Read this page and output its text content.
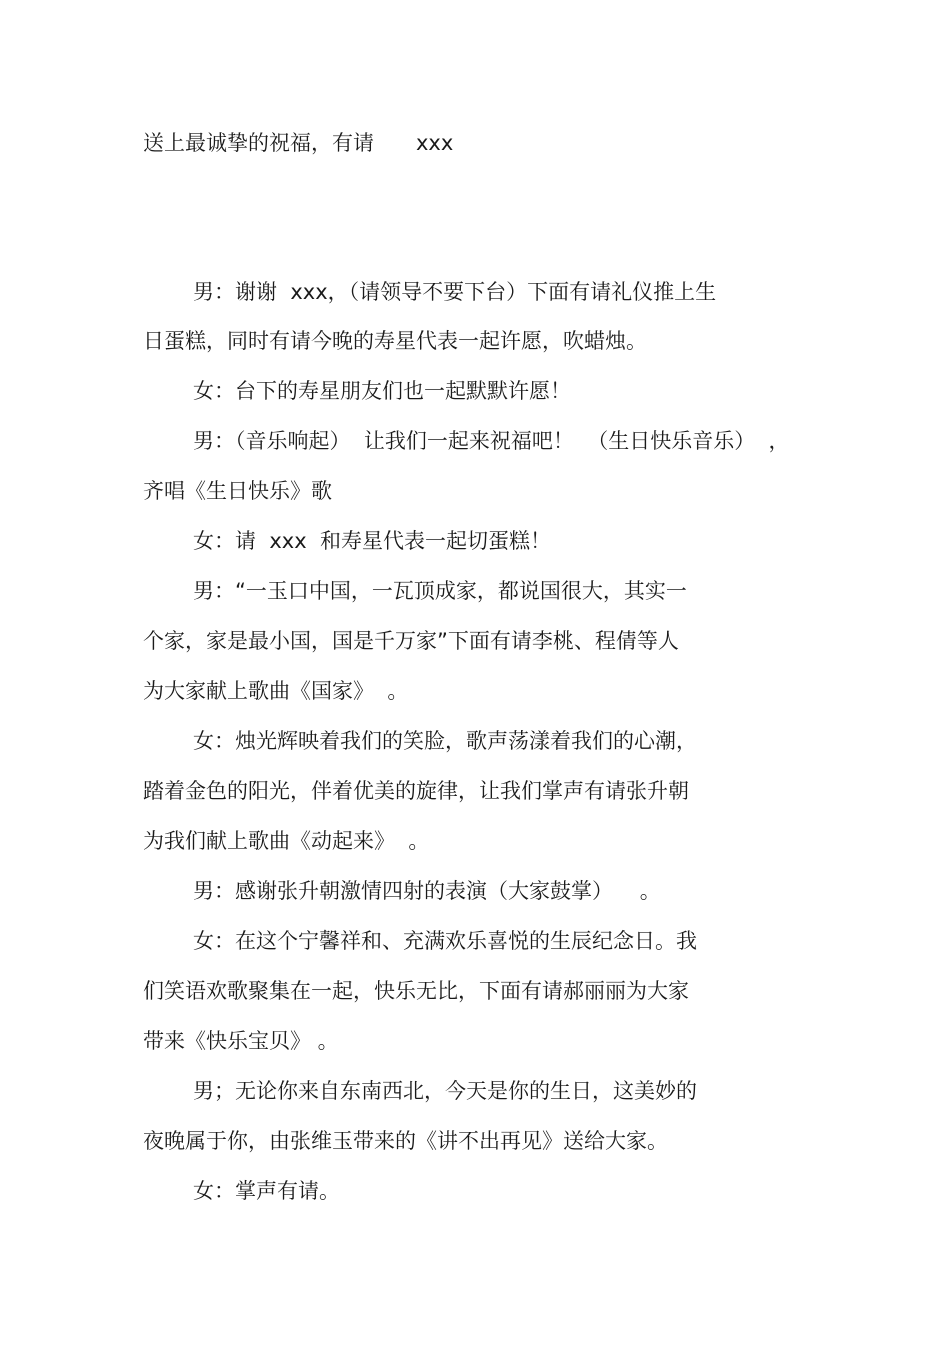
送上最诚挚的祝福，有请　　xxx

男：谢谢  xxx，（请领导不要下台）下面有请礼仪推上生

日蛋糕，同时有请今晚的寿星代表一起许愿，吹蜡烛。

女：台下的寿星朋友们也一起默默许愿！

男：（音乐响起）  让我们一起来祝福吧！  （生日快乐音乐）  ，

齐唱《生日快乐》歌

女：请  xxx  和寿星代表一起切蛋糕！

男：“一玉口中国，一瓦顶成家，都说国很大，其实一

个家，家是最小国，国是千万家”下面有请李桃、程倩等人

为大家献上歌曲《国家》  。

女：烛光辉映着我们的笑脸，歌声荡漾着我们的心潮，

踏着金色的阳光，伴着优美的旋律，让我们掌声有请张升朝

为我们献上歌曲《动起来》  。

男：感谢张升朝激情四射的表演（大家鼓掌）    。

女：在这个宁馨祥和、充满欢乐喜悦的生辰纪念日。我

们笑语欢歌聚集在一起，快乐无比，下面有请郝丽丽为大家

带来《快乐宝贝》 。

男；无论你来自东南西北，今天是你的生日，这美妙的

夜晚属于你，由张维玉带来的《讲不出再见》送给大家。

女：掌声有请。
